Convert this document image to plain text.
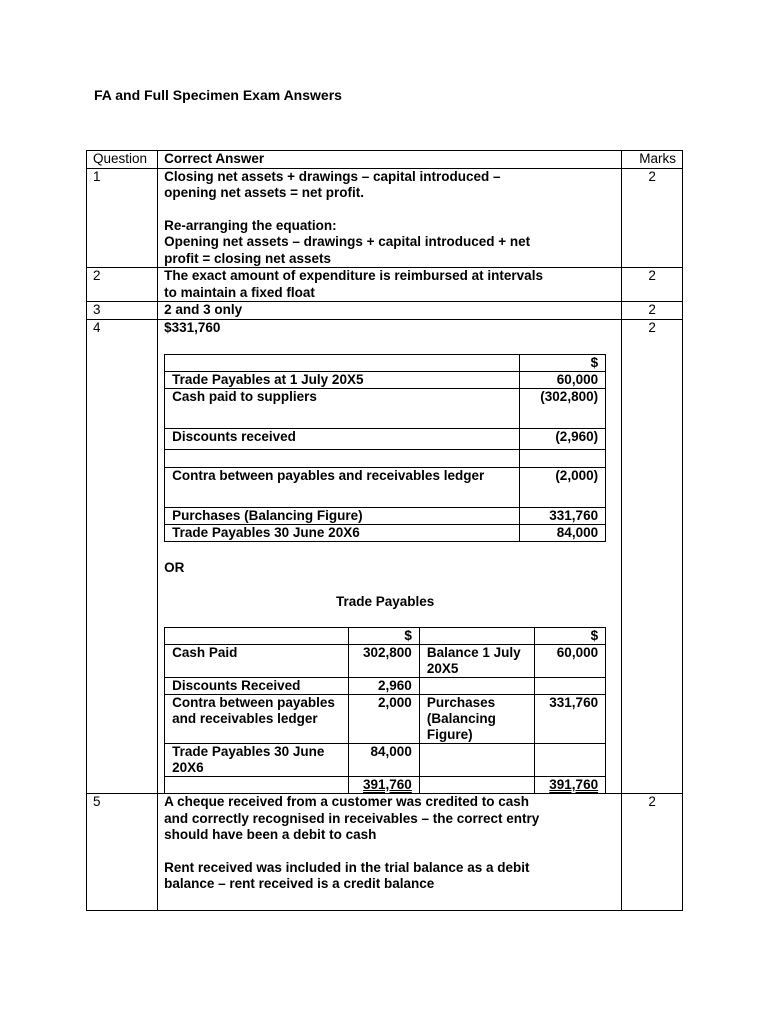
FA and Full Specimen Exam Answers
Question	Correct Answer	Marks
1	Closing net assets + drawings – capital introduced –
opening net assets = net profit.
Re-arranging the equation:
Opening net assets – drawings + capital introduced + net
profit = closing net assets
	2
2	The exact amount of expenditure is reimbursed at intervals
to maintain a fixed float
	2
3	2 and 3 only	2
4	$331,760
	$
Trade Payables at 1 July 20X5	60,000
Cash paid to suppliers	(302,800)
Discounts received	(2,960)

Contra between payables and receivables ledger	(2,000)
Purchases (Balancing Figure)	331,760
Trade Payables 30 June 20X6	84,000
OR
Trade Payables
	$		$
Cash Paid	302,800	Balance 1 July 20X5	60,000
Discounts Received	2,960		
Contra between payables and receivables ledger	2,000	Purchases (Balancing Figure)	331,760
Trade Payables 30 June 20X6	84,000		
	391,760		391,760
	2
5	A cheque received from a customer was credited to cash
and correctly recognised in receivables – the correct entry
should have been a debit to cash
Rent received was included in the trial balance as a debit
balance – rent received is a credit balance
	2
